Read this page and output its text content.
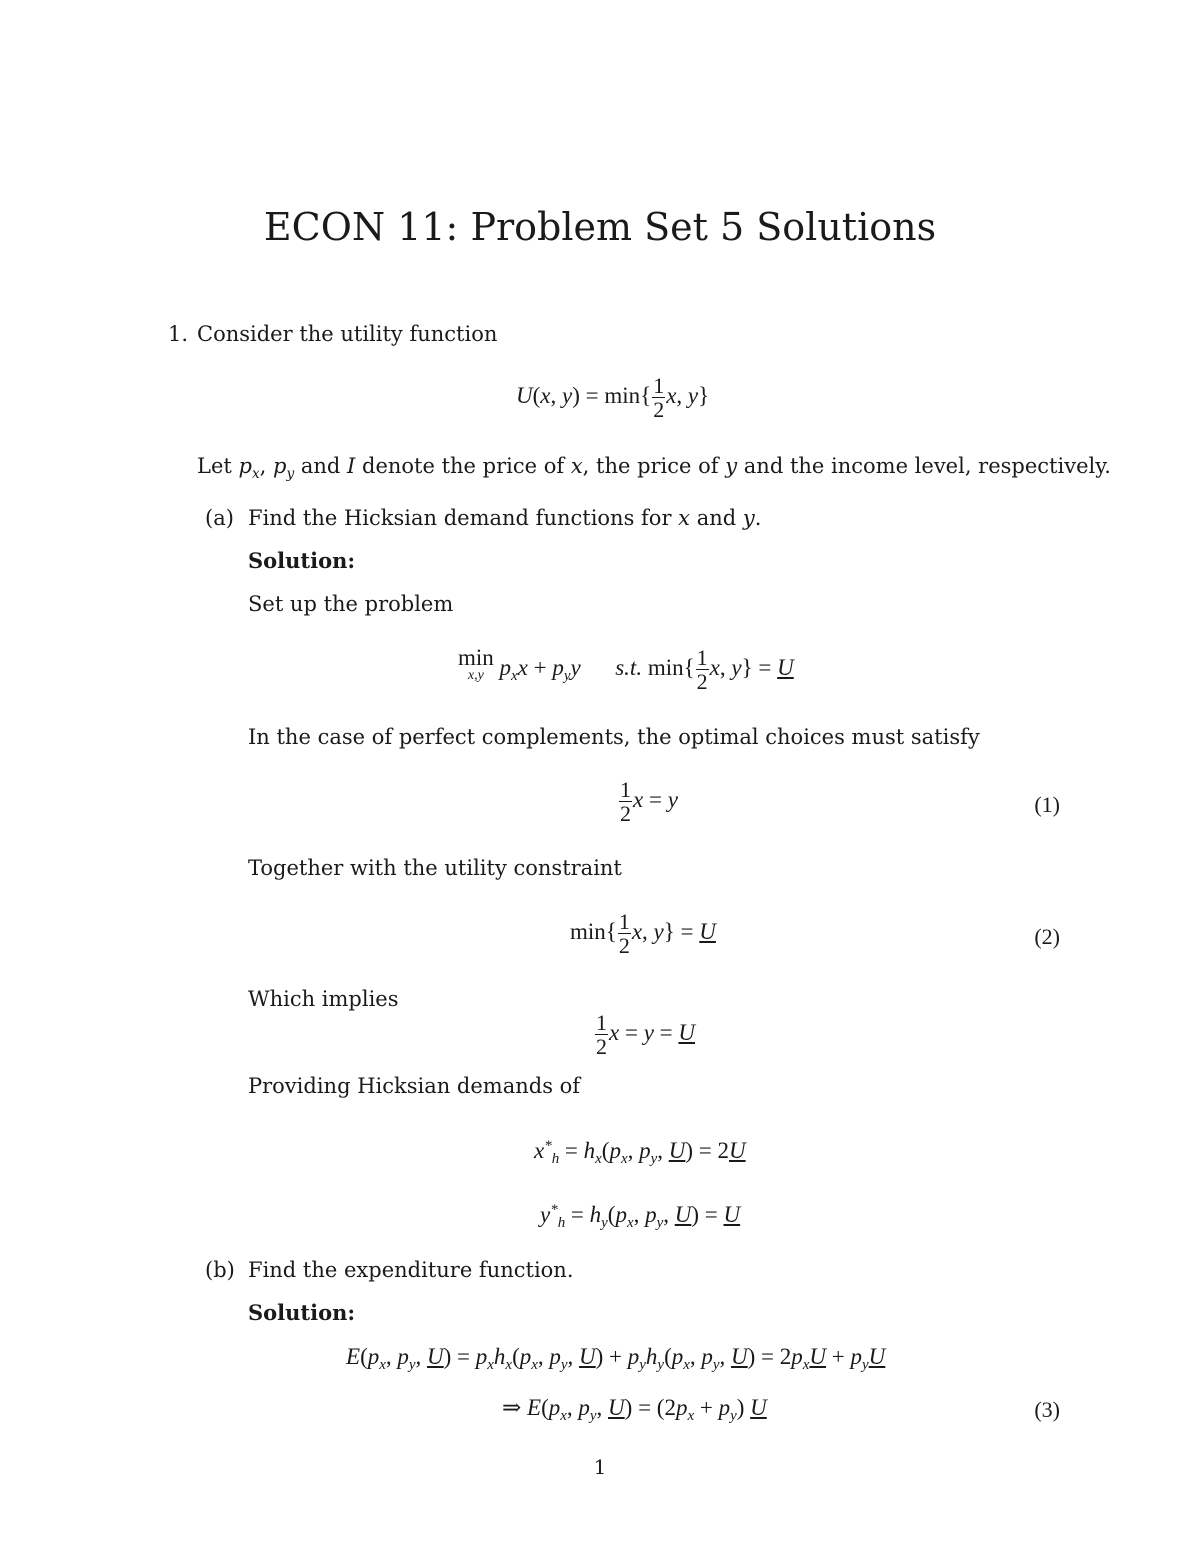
ECON 11: Problem Set 5 Solutions
1. Consider the utility function
U(x, $y) = \min\{ \frac{1}{2} x$, y}
Let $p_x$, $p_y$ and I denote the price of x, the price of y and the income level, respectively.
(a) Find the Hicksian demand functions for x and y.
Solution:
Set up the problem
min
x,y $p_xx + p_yy$ s.t. $\min\{ \frac{1}{2} x$, y} = U
In the case of perfect complements, the optimal choices must satisfy
$\frac{1}{2}$ x = y	(1)
Together with the utility constraint
$\min\{ \frac{1}{2} x$, y} = U	(2)
Which implies
$\frac{1}{2}$ x = y = U
Providing Hicksian demands of
$x^*_h = h_x(p_x$, $p_y$, U) = 2U
$y^*_h = h_y(p_x$, $p_y$, U) = U
(b) Find the expenditure function.
Solution:
$E(p_x$, $p_y$, $U) = p_xh_x(p_x$, $p_y$, $U) + p_yh_y(p_x$, $p_y$, $U) = 2p_xU + p_yU$
⇒ $E(p_x$, $p_y$, $U) = (2p_x + p_y)$ U	(3)
1
